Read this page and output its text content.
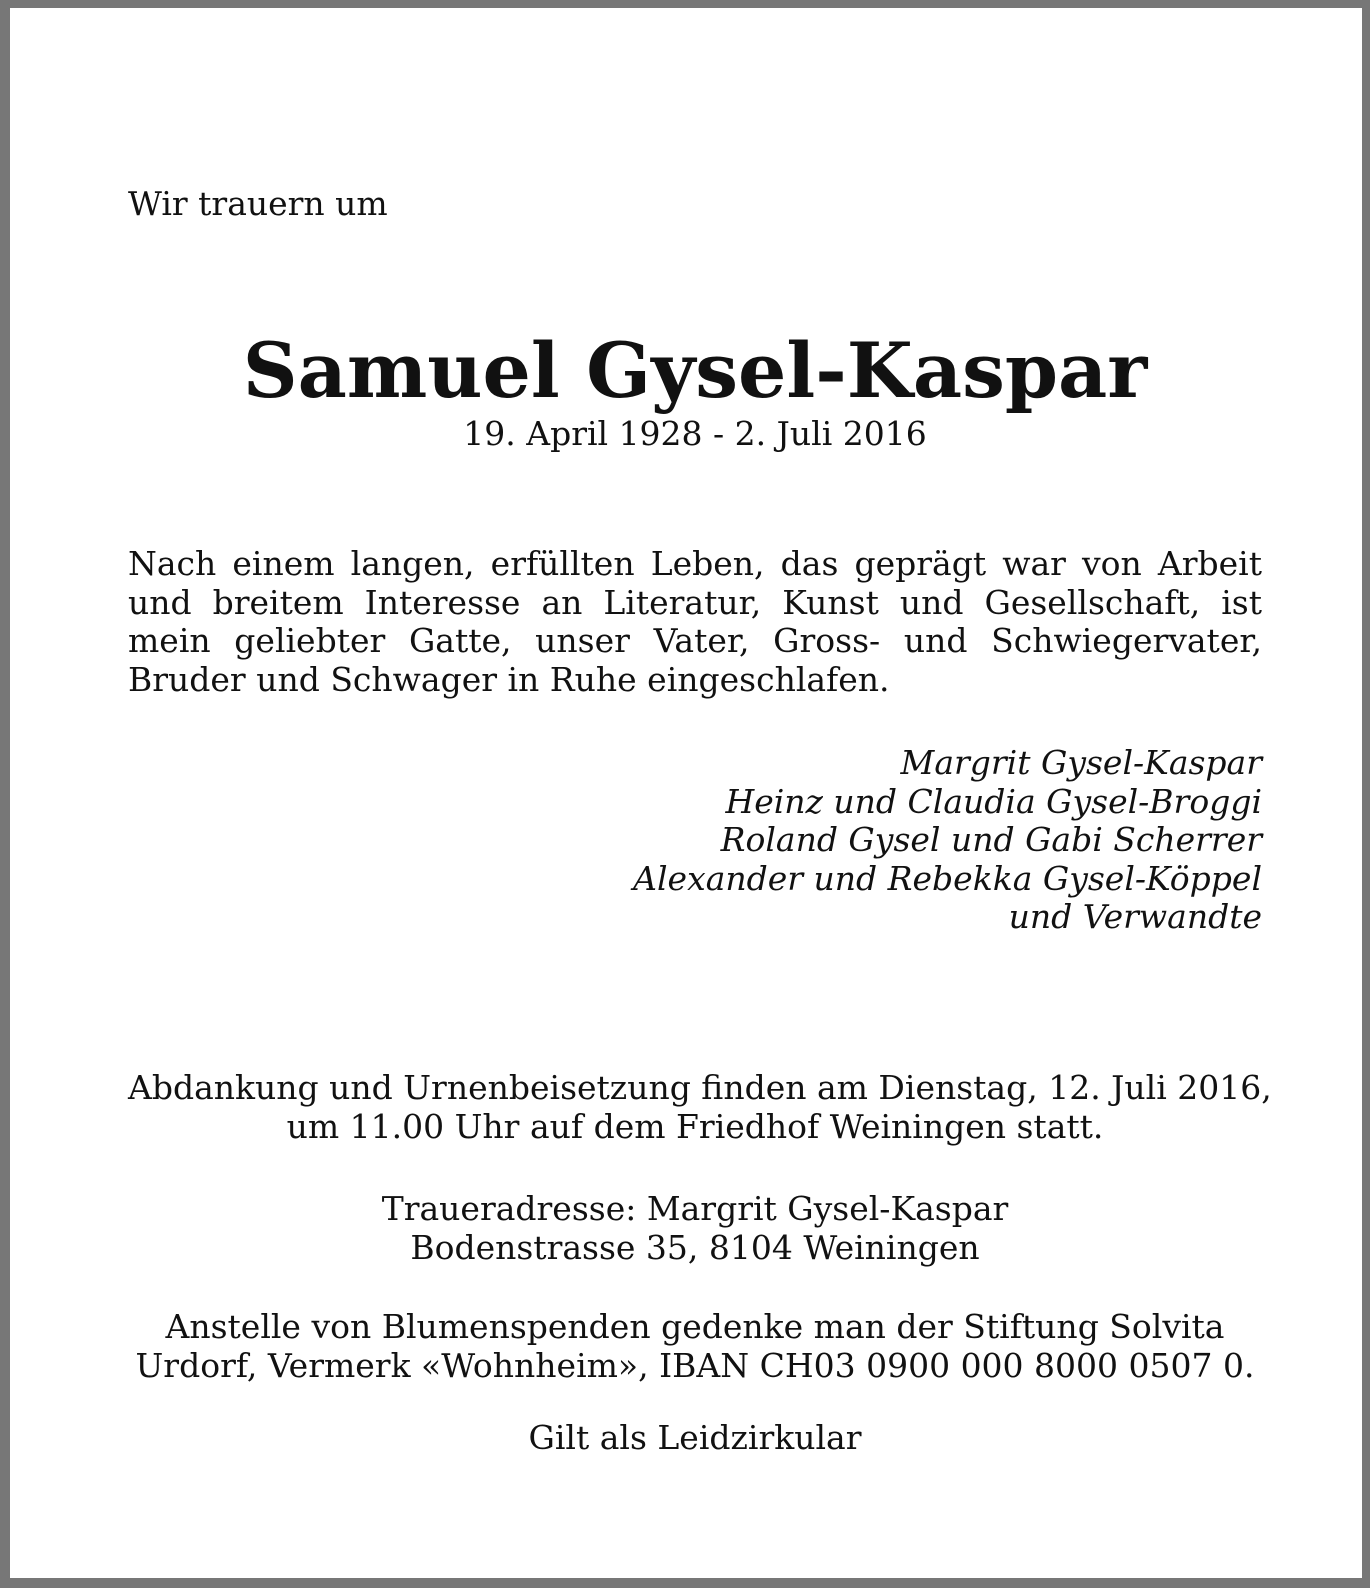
Wir trauern um
Samuel Gysel-Kaspar
19. April 1928 - 2. Juli 2016
Nach einem langen, erfüllten Leben, das geprägt war von Arbeit und breitem Interesse an Literatur, Kunst und Gesellschaft, ist mein geliebter Gatte, unser Vater, Gross- und Schwiegervater, Bruder und Schwager in Ruhe eingeschlafen.
Margrit Gysel-Kaspar
Heinz und Claudia Gysel-Broggi
Roland Gysel und Gabi Scherrer
Alexander und Rebekka Gysel-Köppel
und Verwandte
Abdankung und Urnenbeisetzung finden am Dienstag, 12. Juli 2016,
um 11.00 Uhr auf dem Friedhof Weiningen statt.
Traueradresse: Margrit Gysel-Kaspar
Bodenstrasse 35, 8104 Weiningen
Anstelle von Blumenspenden gedenke man der Stiftung Solvita
Urdorf, Vermerk «Wohnheim», IBAN CH03 0900 000 8000 0507 0.
Gilt als Leidzirkular
